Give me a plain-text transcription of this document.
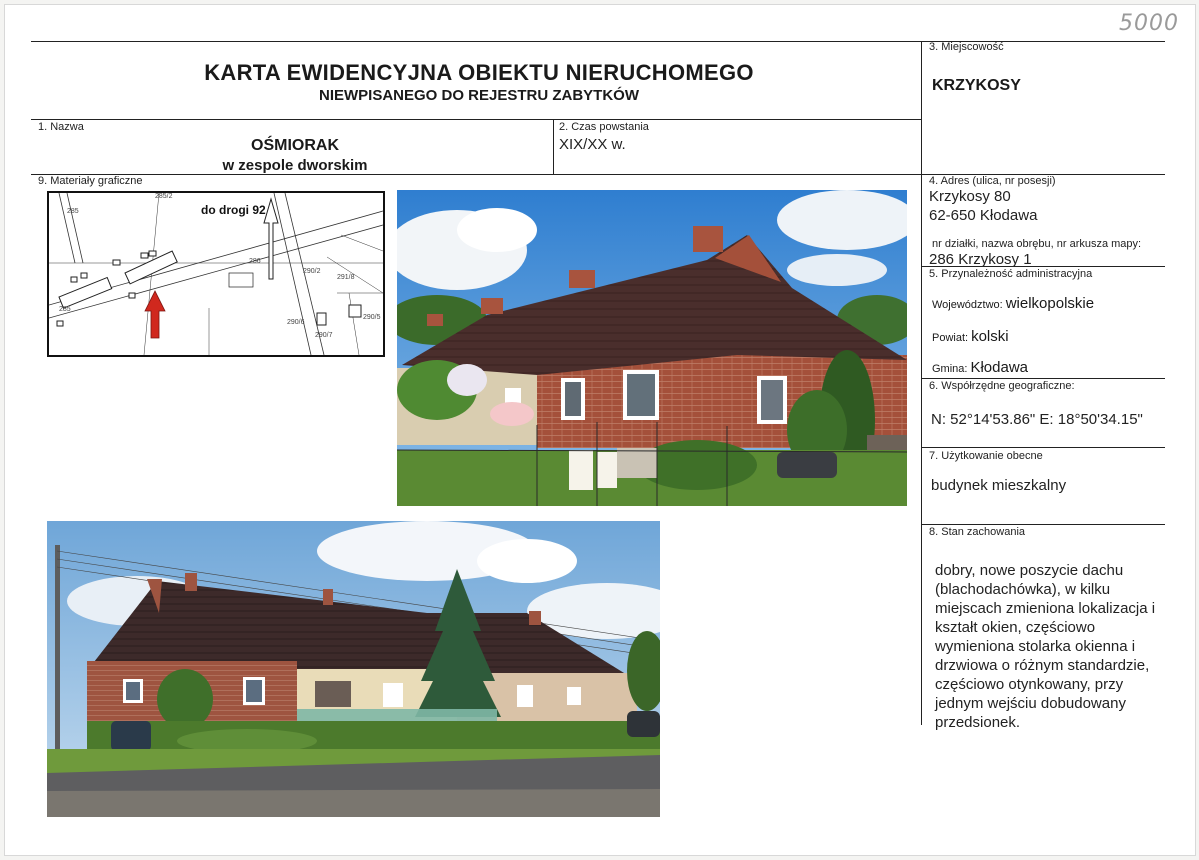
5000
KARTA EWIDENCYJNA OBIEKTU NIERUCHOMEGO
NIEWPISANEGO DO REJESTRU ZABYTKÓW
3. Miejscowość
KRZYKOSY
1. Nazwa
OŚMIORAK
w zespole dworskim
2. Czas powstania
XIX/XX w.
4. Adres (ulica, nr posesji)
Krzykosy 80
62-650 Kłodawa
nr działki, nazwa obrębu, nr arkusza mapy:
286 Krzykosy 1
5. Przynależność administracyjna
Województwo: wielkopolskie
Powiat: kolski
Gmina: Kłodawa
6. Współrzędne geograficzne:
N: 52°14'53.86" E: 18°50'34.15"
7. Użytkowanie obecne
budynek mieszkalny
8. Stan zachowania
dobry, nowe poszycie dachu (blachodachówka), w kilku miejscach zmieniona lokalizacja i kształt okien, częściowo wymieniona stolarka okienna i drzwiowa o różnym standardzie, częściowo otynkowany, przy jednym wejściu dobudowany przedsionek.
9. Materiały graficzne
285/2
285
285
286
290/2
291/8
290/6
290/7
290/5
do drogi 92
